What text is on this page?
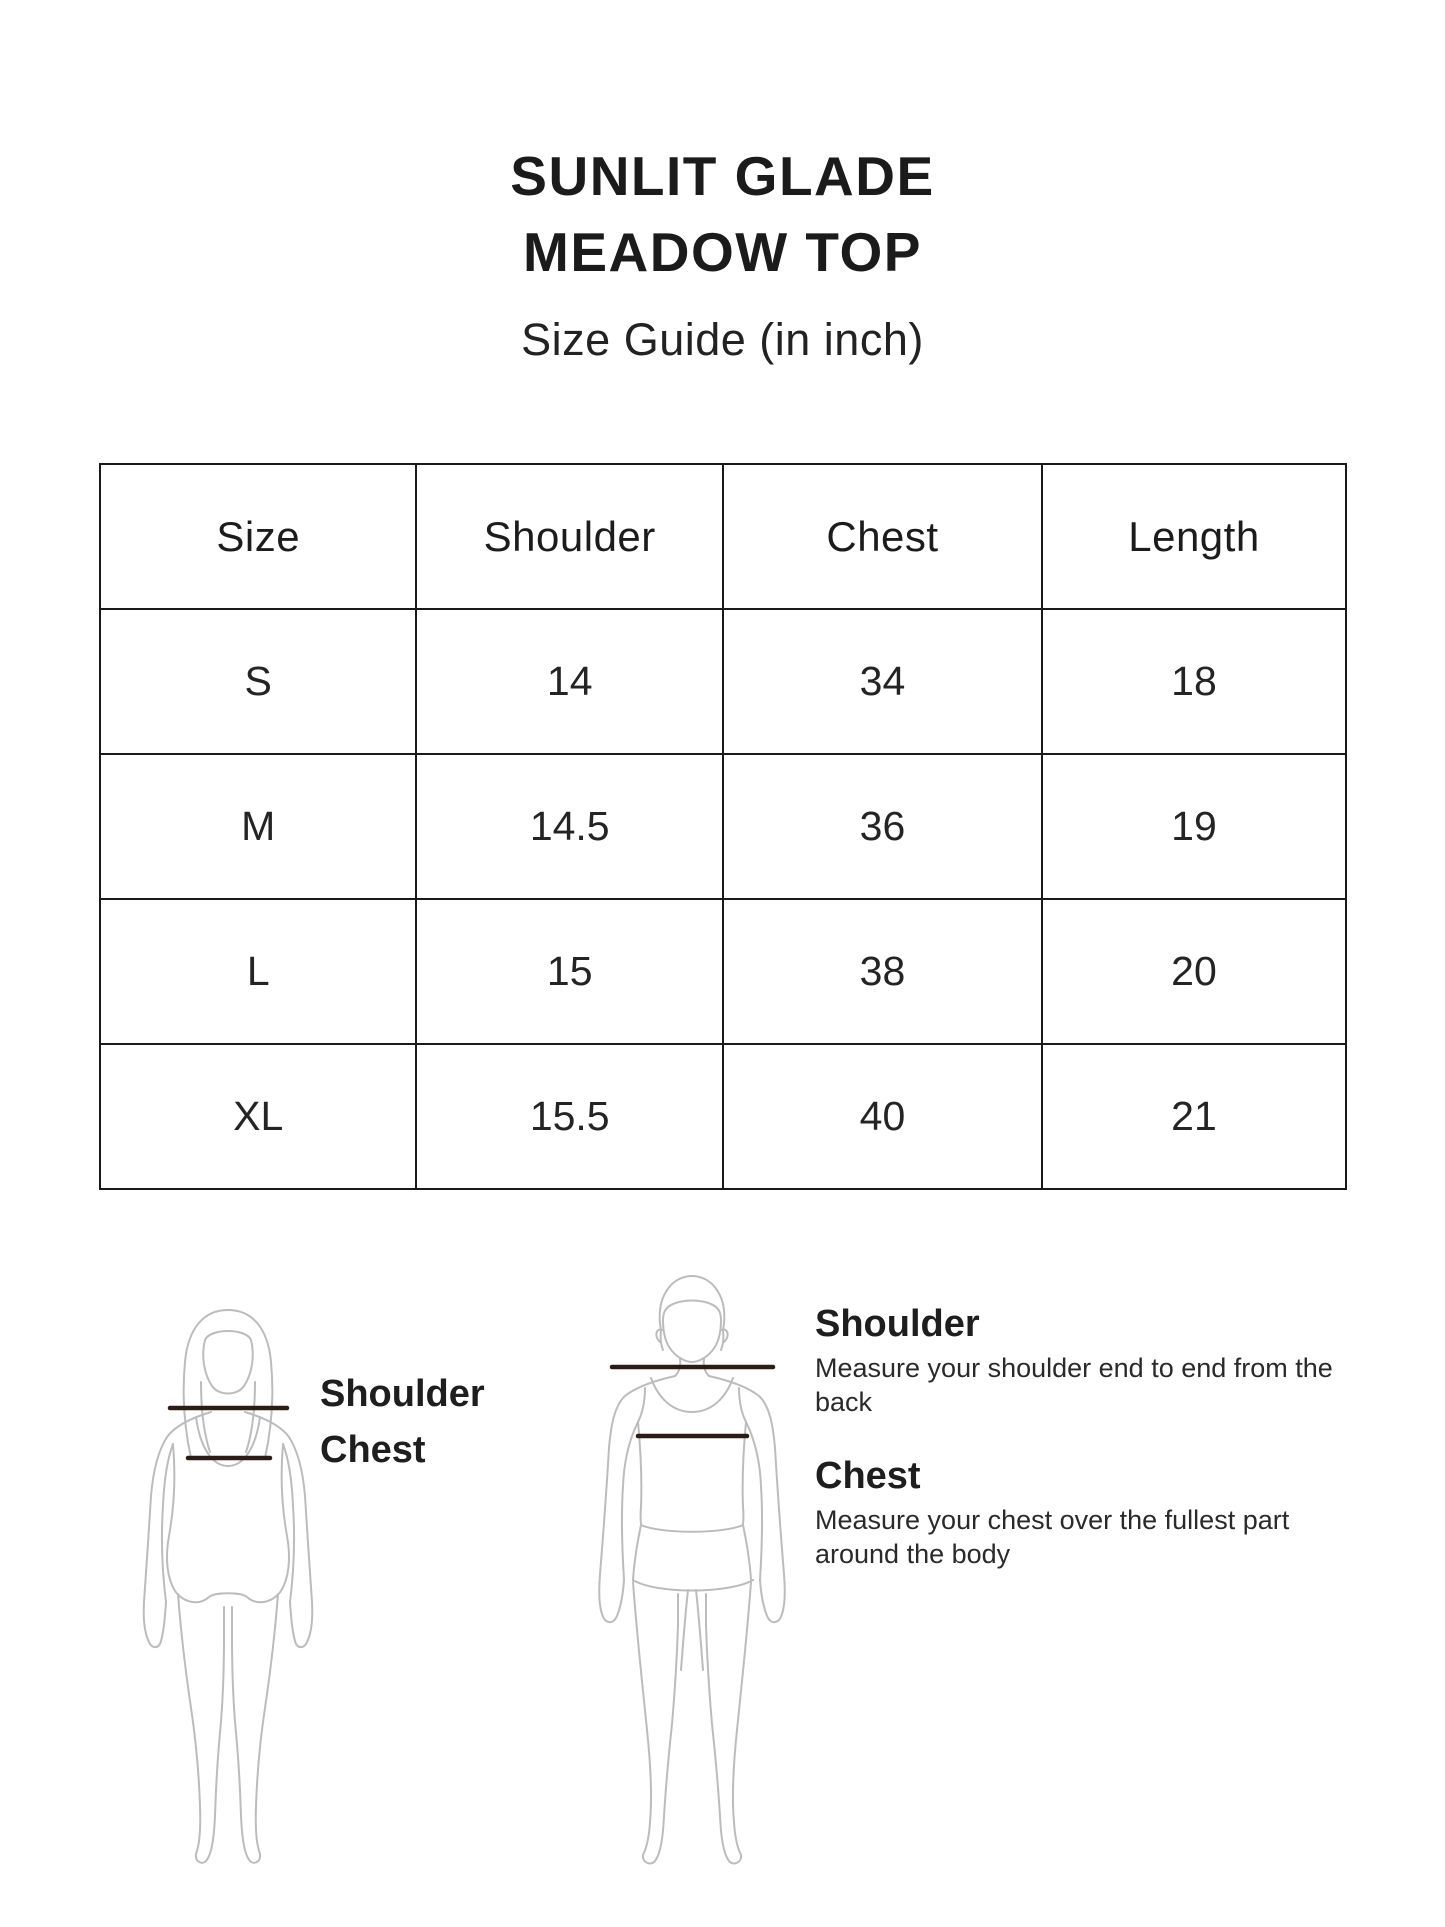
SUNLIT GLADE
MEADOW TOP
Size Guide (in inch)
Size	Shoulder	Chest	Length
S	14	34	18
M	14.5	36	19
L	15	38	20
XL	15.5	40	21
Shoulder
Chest
Shoulder

Measure your shoulder end to end from the back

Chest

Measure your chest over the fullest part around the body
